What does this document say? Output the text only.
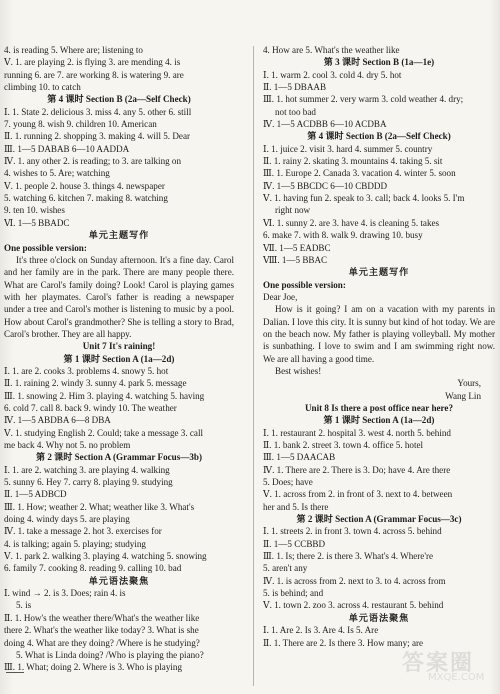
4. is reading 5. Where are; listening to
Ⅴ. 1. are playing 2. is flying 3. are mending 4. is
running 6. are 7. are working 8. is watering 9. are
climbing 10. to catch
第 4 课时 Section B (2a—Self Check)
Ⅰ. 1. State 2. delicious 3. miss 4. any 5. other 6. still
7. young 8. wish 9. children 10. American
Ⅱ. 1. running 2. shopping 3. making 4. will 5. Dear
Ⅲ. 1—5 DABAB 6—10 AADDA
Ⅳ. 1. any other 2. is reading; to 3. are talking on
4. wishes to 5. Are; watching
Ⅴ. 1. people 2. house 3. things 4. newspaper
5. watching 6. kitchen 7. making 8. watching
9. ten 10. wishes
Ⅵ. 1—5 BBADC
单元主题写作
One possible version:
It's three o'clock on Sunday afternoon. It's a fine day. Carol and her family are in the park. There are many people there. What are Carol's family doing? Look! Carol is playing games with her playmates. Carol's father is reading a newspaper under a tree and Carol's mother is listening to music by a pool. How about Carol's grandmother? She is telling a story to Brad, Carol's brother. They are all happy.
Unit 7 It's raining!
第 1 课时 Section A (1a—2d)
Ⅰ. 1. are 2. cooks 3. problems 4. snowy 5. hot
Ⅱ. 1. raining 2. windy 3. sunny 4. park 5. message
Ⅲ. 1. snowing 2. Him 3. playing 4. watching 5. having
6. cold 7. call 8. back 9. windy 10. The weather
Ⅳ. 1—5 ABDBA 6—8 DBA
Ⅴ. 1. studying English 2. Could; take a message 3. call
me back 4. Why not 5. no problem
第 2 课时 Section A (Grammar Focus—3b)
Ⅰ. 1. are 2. watching 3. are playing 4. walking
5. sunny 6. Hey 7. carry 8. playing 9. studying
Ⅱ. 1—5 ADBCD
Ⅲ. 1. How; weather 2. What; weather like 3. What's
doing 4. windy days 5. are playing
Ⅳ. 1. take a message 2. hot 3. exercises for
4. is talking; again 5. playing; studying
Ⅴ. 1. park 2. walking 3. playing 4. watching 5. snowing
6. family 7. cooking 8. reading 9. calling 10. bad
单元语法聚焦
Ⅰ. wind → 2. is 3. Does; rain 4. is
5. is
Ⅱ. 1. How's the weather there/What's the weather like
there 2. What's the weather like today? 3. What is she
doing 4. What are they doing? /Where is he studying?
5. What is Linda doing? /Who is playing the piano?
Ⅲ. 1. What; doing 2. Where is 3. Who is playing
4. How are 5. What's the weather like
第 3 课时 Section B (1a—1e)
Ⅰ. 1. warm 2. cool 3. cold 4. dry 5. hot
Ⅱ. 1—5 DBAAB
Ⅲ. 1. hot summer 2. very warm 3. cold weather 4. dry;
not too bad
Ⅳ. 1—5 ACDBB 6—10 ACDBA
第 4 课时 Section B (2a—Self Check)
Ⅰ. 1. juice 2. visit 3. hard 4. summer 5. country
Ⅱ. 1. rainy 2. skating 3. mountains 4. taking 5. sit
Ⅲ. 1. Europe 2. Canada 3. vacation 4. winter 5. soon
Ⅳ. 1—5 BBCDC 6—10 CBDDD
Ⅴ. 1. having fun 2. speak to 3. call; back 4. looks 5. I'm
right now
Ⅵ. 1. sunny 2. are 3. have 4. is cleaning 5. takes
6. make 7. with 8. walk 9. drawing 10. busy
Ⅶ. 1—5 EADBC
Ⅷ. 1—5 BBAC
单元主题写作
One possible version:
Dear Joe,
How is it going? I am on a vacation with my parents in Dalian. I love this city. It is sunny but kind of hot today. We are on the beach now. My father is playing volleyball. My mother is sunbathing. I love to swim and I am swimming right now. We are all having a good time.
Best wishes!
Yours,
Wang Lin
Unit 8 Is there a post office near here?
第 1 课时 Section A (1a—2d)
Ⅰ. 1. restaurant 2. hospital 3. west 4. north 5. behind
Ⅱ. 1. bank 2. street 3. town 4. office 5. hotel
Ⅲ. 1—5 DAACAB
Ⅳ. 1. There are 2. There is 3. Do; have 4. Are there
5. Does; have
Ⅴ. 1. across from 2. in front of 3. next to 4. between
her and 5. Is there
第 2 课时 Section A (Grammar Focus—3c)
Ⅰ. 1. streets 2. in front 3. town 4. across 5. behind
Ⅱ. 1—5 CCBBD
Ⅲ. 1. Is; there 2. is there 3. What's 4. Where're
5. aren't any
Ⅳ. 1. is across from 2. next to 3. to 4. across from
5. is behind; and
Ⅴ. 1. town 2. zoo 3. across 4. restaurant 5. behind
单元语法聚焦
Ⅰ. 1. Are 2. Is 3. Are 4. Is 5. Are
Ⅱ. 1. There are 2. Is there 3. How many; are
答案圈
MXQE.COM
